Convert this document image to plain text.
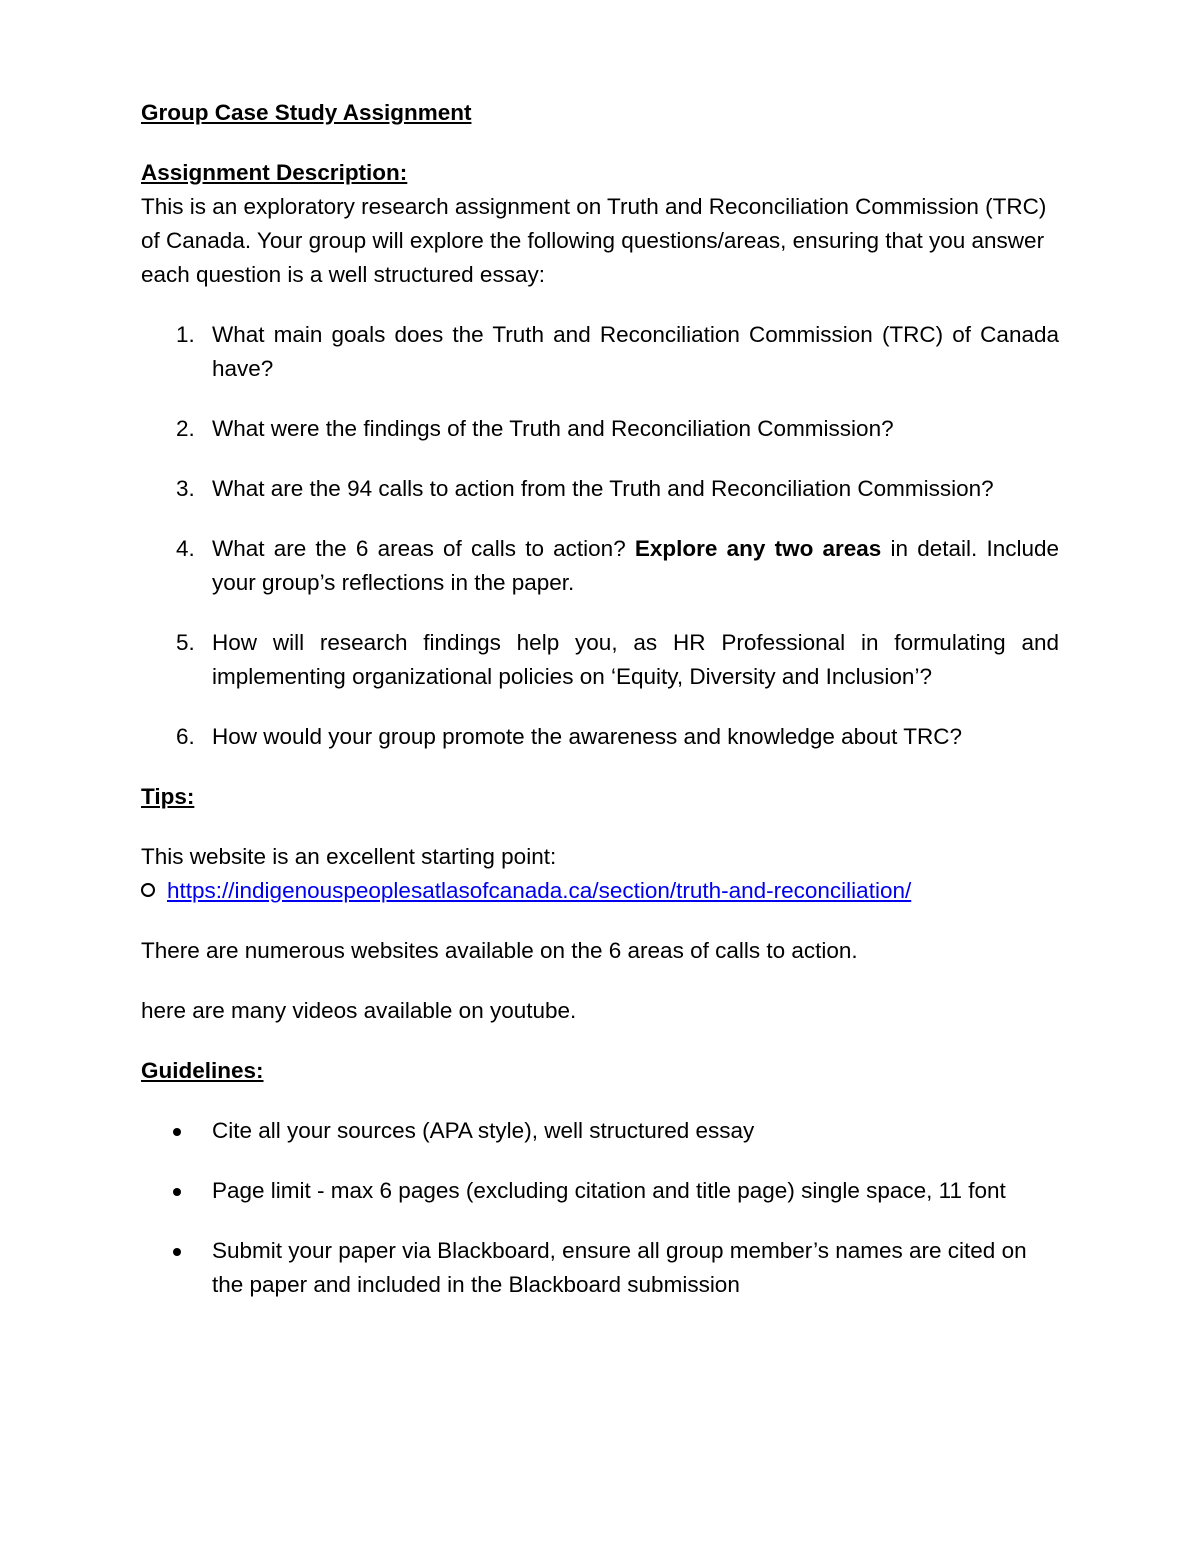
Group Case Study Assignment

Assignment Description:

This is an exploratory research assignment on Truth and Reconciliation Commission (TRC) of Canada. Your group will explore the following questions/areas, ensuring that you answer each question is a well structured essay:

1. What main goals does the Truth and Reconciliation Commission (TRC) of Canada have?
2. What were the findings of the Truth and Reconciliation Commission?
3. What are the 94 calls to action from the Truth and Reconciliation Commission?
4. What are the 6 areas of calls to action? Explore any two areas in detail. Include your group’s reflections in the paper.
5. How will research findings help you, as HR Professional in formulating and implementing organizational policies on ‘Equity, Diversity and Inclusion’?
6. How would your group promote the awareness and knowledge about TRC?

Tips:

This website is an excellent starting point:

https://indigenouspeoplesatlasofcanada.ca/section/truth-and-reconciliation/

There are numerous websites available on the 6 areas of calls to action.

here are many videos available on youtube.

Guidelines:

Cite all your sources (APA style), well structured essay
Page limit - max 6 pages (excluding citation and title page) single space, 11 font
Submit your paper via Blackboard, ensure all group member’s names are cited on the paper and included in the Blackboard submission
